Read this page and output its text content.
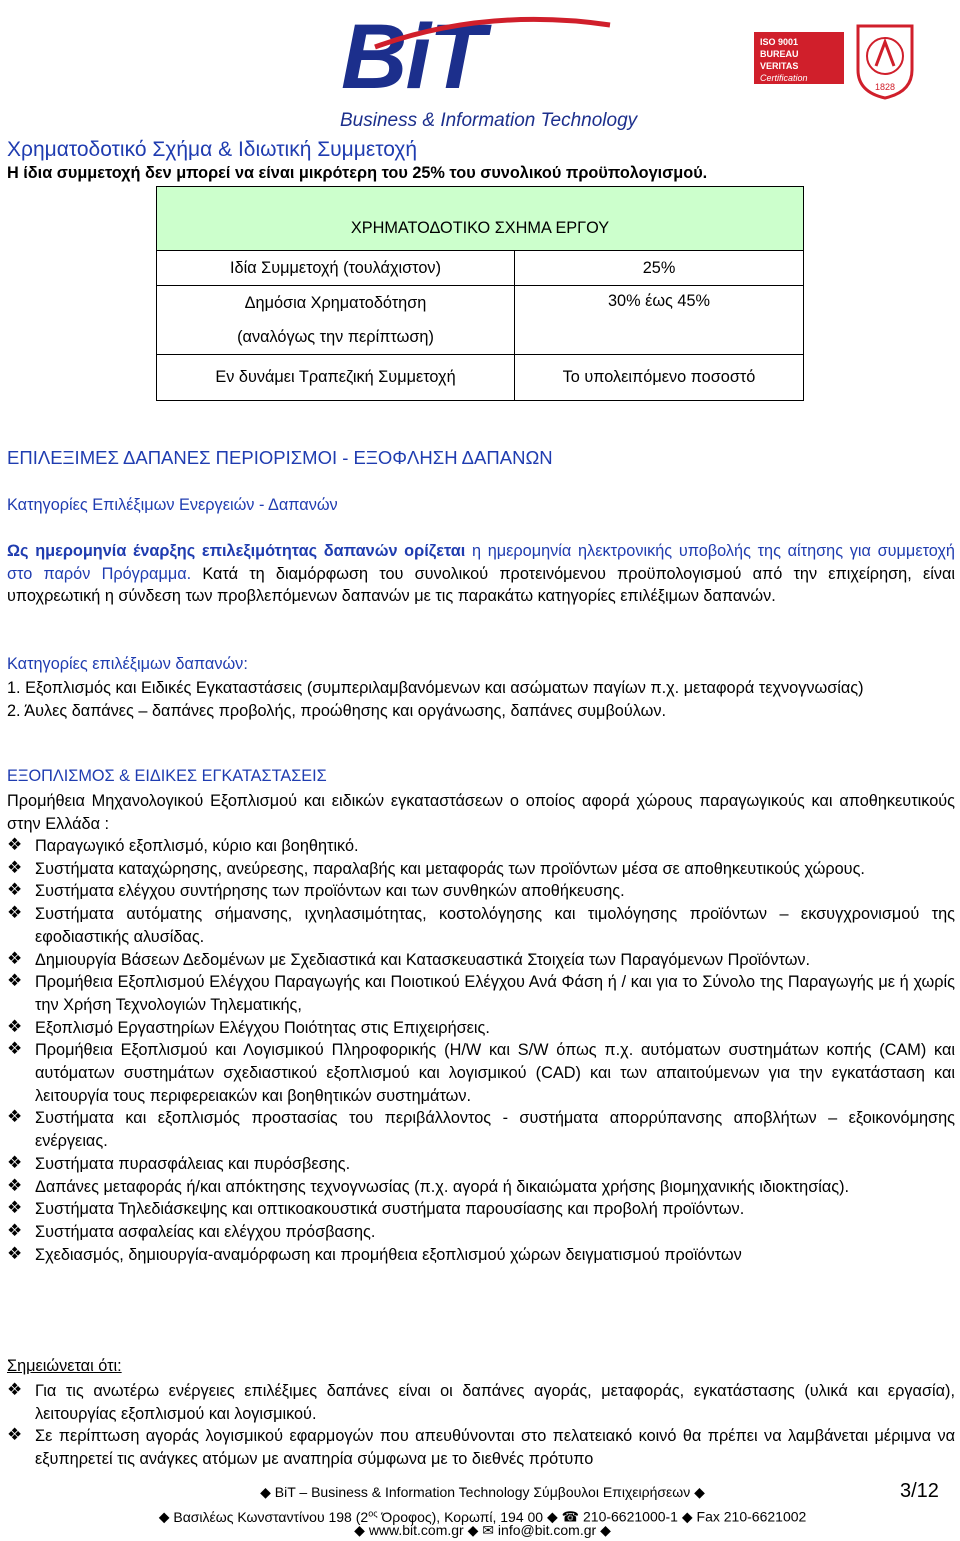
BiT
Business & Information Technology
ISO 9001
BUREAU VERITAS
Certification
1828
Χρηματοδοτικό Σχήμα & Ιδιωτική Συμμετοχή
Η ίδια συμμετοχή δεν μπορεί να είναι μικρότερη του 25% του συνολικού προϋπολογισμού.
ΧΡΗΜΑΤΟΔΟΤΙΚΟ ΣΧΗΜΑ ΕΡΓΟΥ	
Ιδία Συμμετοχή (τουλάχιστον)	25%

Δημόσια Χρηματοδότηση
(αναλόγως την περίπτωση)	30% έως 45%
Εν δυνάμει Τραπεζική Συμμετοχή	Το υπολειπόμενο ποσοστό
ΕΠΙΛΕΞΙΜΕΣ ΔΑΠΑΝΕΣ ΠΕΡΙΟΡΙΣΜΟΙ - ΕΞΟΦΛΗΣΗ ΔΑΠΑΝΩΝ
Κατηγορίες Επιλέξιμων Ενεργειών - Δαπανών
Ως ημερομηνία έναρξης επιλεξιμότητας δαπανών ορίζεται η ημερομηνία ηλεκτρονικής υποβολής της αίτησης για συμμετοχή στο παρόν Πρόγραμμα. Κατά τη διαμόρφωση του συνολικού προτεινόμενου προϋπολογισμού από την επιχείρηση, είναι υποχρεωτική η σύνδεση των προβλεπόμενων δαπανών με τις παρακάτω κατηγορίες επιλέξιμων δαπανών.
Κατηγορίες επιλέξιμων δαπανών:
1. Εξοπλισμός και Ειδικές Εγκαταστάσεις (συμπεριλαμβανόμενων και ασώματων παγίων π.χ. μεταφορά τεχνογνωσίας)
2. Άυλες δαπάνες – δαπάνες προβολής, προώθησης και οργάνωσης, δαπάνες συμβούλων.
ΕΞΟΠΛΙΣΜΟΣ & ΕΙΔΙΚΕΣ ΕΓΚΑΤΑΣΤΑΣΕΙΣ
Προμήθεια Μηχανολογικού Εξοπλισμού και ειδικών εγκαταστάσεων ο οποίος αφορά χώρους παραγωγικούς και αποθηκευτικούς στην Ελλάδα :
❖ Παραγωγικό εξοπλισμό, κύριο και βοηθητικό.
❖ Συστήματα καταχώρησης, ανεύρεσης, παραλαβής και μεταφοράς των προϊόντων μέσα σε αποθηκευτικούς χώρους.
❖ Συστήματα ελέγχου συντήρησης των προϊόντων και των συνθηκών αποθήκευσης.
❖ Συστήματα αυτόματης σήμανσης, ιχνηλασιμότητας, κοστολόγησης και τιμολόγησης προϊόντων – εκσυγχρονισμού της εφοδιαστικής αλυσίδας.
❖ Δημιουργία Βάσεων Δεδομένων με Σχεδιαστικά και Κατασκευαστικά Στοιχεία των Παραγόμενων Προϊόντων.
❖ Προμήθεια Εξοπλισμού Ελέγχου Παραγωγής και Ποιοτικού Ελέγχου Ανά Φάση ή / και για το Σύνολο της Παραγωγής με ή χωρίς την Χρήση Τεχνολογιών Τηλεματικής,
❖ Εξοπλισμό Εργαστηρίων Ελέγχου Ποιότητας στις Επιχειρήσεις.
❖ Προμήθεια Εξοπλισμού και Λογισμικού Πληροφορικής (H/W και S/W όπως π.χ. αυτόματων συστημάτων κοπής (CAM) και αυτόματων συστημάτων σχεδιαστικού εξοπλισμού και λογισμικού (CAD) και των απαιτούμενων για την εγκατάσταση και λειτουργία τους περιφερειακών και βοηθητικών συστημάτων.
❖ Συστήματα και εξοπλισμός προστασίας του περιβάλλοντος - συστήματα απορρύπανσης αποβλήτων – εξοικονόμησης ενέργειας.
❖ Συστήματα πυρασφάλειας και πυρόσβεσης.
❖ Δαπάνες μεταφοράς ή/και απόκτησης τεχνογνωσίας (π.χ. αγορά ή δικαιώματα χρήσης βιομηχανικής ιδιοκτησίας).
❖ Συστήματα Τηλεδιάσκεψης και οπτικοακουστικά συστήματα παρουσίασης και προβολή προϊόντων.
❖ Συστήματα ασφαλείας και ελέγχου πρόσβασης.
❖ Σχεδιασμός, δημιουργία-αναμόρφωση και προμήθεια εξοπλισμού χώρων δειγματισμού προϊόντων
Σημειώνεται ότι:
❖ Για τις ανωτέρω ενέργειες επιλέξιμες δαπάνες είναι οι δαπάνες αγοράς, μεταφοράς, εγκατάστασης (υλικά και εργασία), λειτουργίας εξοπλισμού και λογισμικού.
❖ Σε περίπτωση αγοράς λογισμικού εφαρμογών που απευθύνονται στο πελατειακό κοινό θα πρέπει να λαμβάνεται μέριμνα να εξυπηρετεί τις ανάγκες ατόμων με αναπηρία σύμφωνα με το διεθνές πρότυπο
◆ BiT – Business & Information Technology Σύμβουλοι Επιχειρήσεων ◆	3/12
◆ Βασιλέως Κωνσταντίνου 198 ($2^{o\varsigma}$ Όροφος), Κορωπί, 194 00 ◆ ☎ 210-6621000-1 ◆ Fax 210-6621002
◆ www.bit.com.gr ◆ ✉ info@bit.com.gr ◆
